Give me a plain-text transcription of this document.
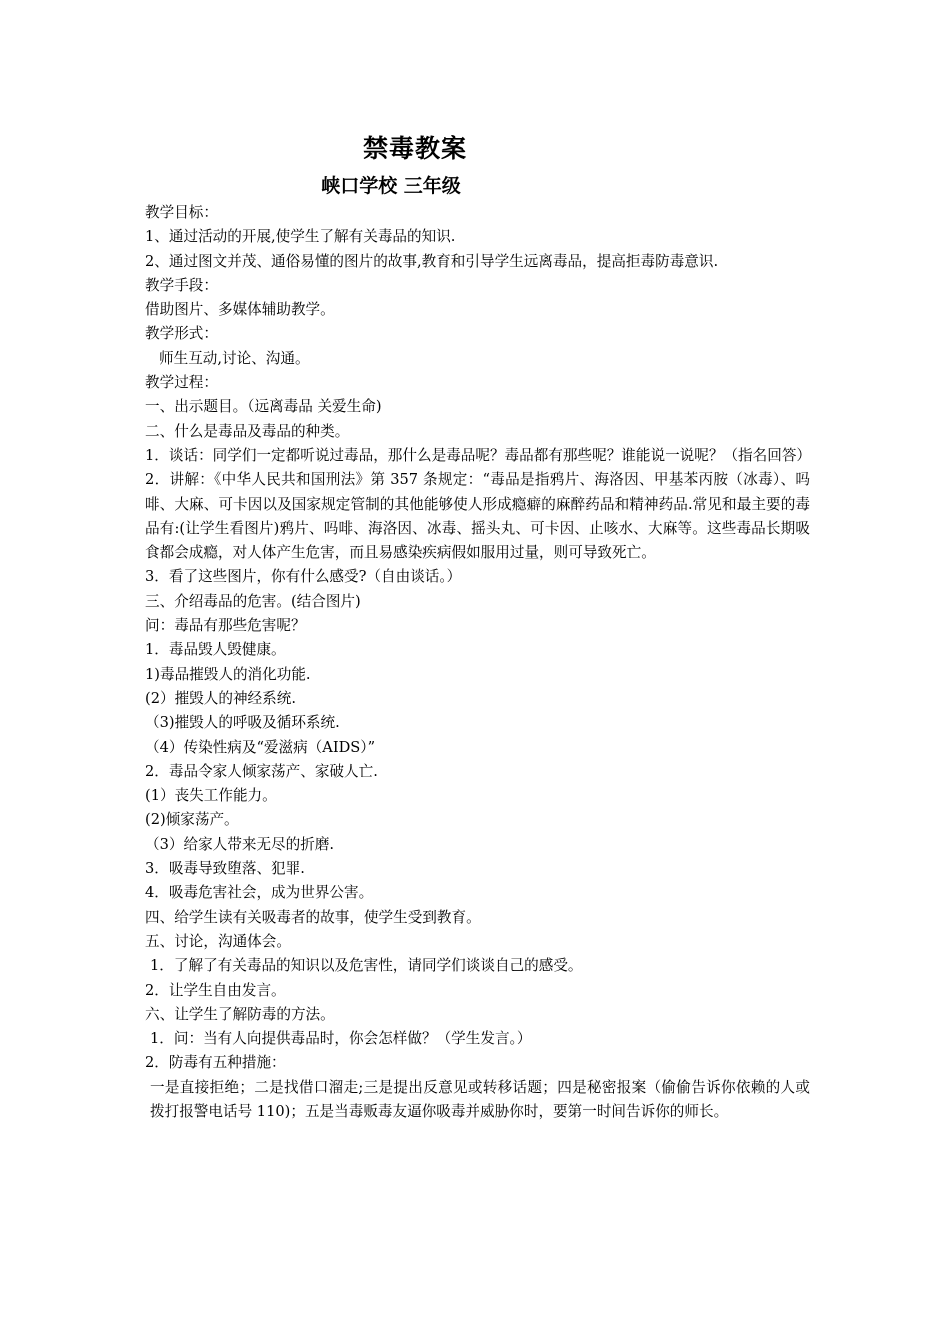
禁毒教案
峡口学校 三年级

教学目标：

1、通过活动的开展,使学生了解有关毒品的知识.

2、通过图文并茂、通俗易懂的图片的故事,教育和引导学生远离毒品，提高拒毒防毒意识.

教学手段：

借助图片、多媒体辅助教学。

教学形式：

师生互动,讨论、沟通。

教学过程：

一、出示题目。（远离毒品 关爱生命)

二、什么是毒品及毒品的种类。

1．谈话：同学们一定都听说过毒品，那什么是毒品呢？毒品都有那些呢？谁能说一说呢？（指名回答）

2．讲解：《中华人民共和国刑法》第 357 条规定：“毒品是指鸦片、海洛因、甲基苯丙胺（冰毒）、吗啡、大麻、可卡因以及国家规定管制的其他能够使人形成瘾癖的麻醉药品和精神药品.常见和最主要的毒品有:(让学生看图片)鸦片、吗啡、海洛因、冰毒、摇头丸、可卡因、止咳水、大麻等。这些毒品长期吸食都会成瘾，对人体产生危害，而且易感染疾病假如服用过量，则可导致死亡。

3．看了这些图片，你有什么感受?（自由谈话。）

三、介绍毒品的危害。(结合图片)

问：毒品有那些危害呢？

1．毒品毁人毁健康。

1)毒品摧毁人的消化功能.

(2）摧毁人的神经系统.

（3)摧毁人的呼吸及循环系统.

（4）传染性病及“爱滋病（AIDS）”

2．毒品令家人倾家荡产、家破人亡.

(1）丧失工作能力。

(2)倾家荡产。

（3）给家人带来无尽的折磨.

3．吸毒导致堕落、犯罪.

4．吸毒危害社会，成为世界公害。

四、给学生读有关吸毒者的故事，使学生受到教育。

五、讨论，沟通体会。

1．了解了有关毒品的知识以及危害性，请同学们谈谈自己的感受。

2．让学生自由发言。

六、让学生了解防毒的方法。

1．问：当有人向提供毒品时，你会怎样做？（学生发言。）

2．防毒有五种措施：

一是直接拒绝；二是找借口溜走;三是提出反意见或转移话题；四是秘密报案（偷偷告诉你依赖的人或拨打报警电话号 110)；五是当毒贩毒友逼你吸毒并威胁你时，要第一时间告诉你的师长。
